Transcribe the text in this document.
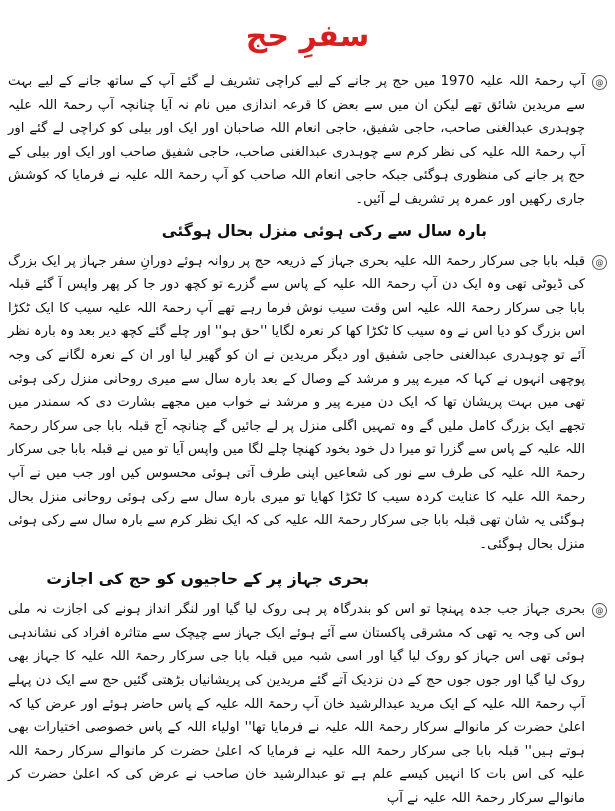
سفرِ حج

@
آپ رحمۃ اللہ علیہ 1970 میں حج پر جانے کے لیے کراچی تشریف لے گئے آپ کے ساتھ جانے کے لیے بہت سے مریدین شائق تھے لیکن ان میں سے بعض کا قرعہ اندازی میں نام نہ آیا چنانچہ آپ رحمۃ اللہ علیہ چوہدری عبدالغنی صاحب، حاجی شفیق، حاجی انعام اللہ صاحبان اور ایک اور بیلی کو کراچی لے گئے اور آپ رحمۃ اللہ علیہ کی نظر کرم سے چوہدری عبدالغنی صاحب، حاجی شفیق صاحب اور ایک اور بیلی کے حج پر جانے کی منظوری ہوگئی جبکہ حاجی انعام اللہ صاحب کو آپ رحمۃ اللہ علیہ نے فرمایا کہ کوشش جاری رکھیں اور عمرہ پر تشریف لے آئیں۔

بارہ سال سے رکی ہوئی منزل بحال ہوگئی

@
قبلہ بابا جی سرکار رحمۃ اللہ علیہ بحری جہاز کے ذریعہ حج پر روانہ ہوئے دورانِ سفر جہاز پر ایک بزرگ کی ڈیوٹی تھی وہ ایک دن آپ رحمۃ اللہ علیہ کے پاس سے گزرے تو کچھ دور جا کر پھر واپس آ گئے قبلہ بابا جی سرکار رحمۃ اللہ علیہ اس وقت سیب نوش فرما رہے تھے آپ رحمۃ اللہ علیہ سیب کا ایک ٹکڑا اس بزرگ کو دیا اس نے وہ سیب کا ٹکڑا کھا کر نعرہ لگایا ''حق ہو'' اور چلے گئے کچھ دیر بعد وہ بارہ نظر آئے تو چوہدری عبدالغنی حاجی شفیق اور دیگر مریدین نے ان کو گھیر لیا اور ان کے نعرہ لگانے کی وجہ پوچھی انہوں نے کہا کہ میرے پیر و مرشد کے وصال کے بعد بارہ سال سے میری روحانی منزل رکی ہوئی تھی میں بہت پریشان تھا کہ ایک دن میرے پیر و مرشد نے خواب میں مجھے بشارت دی کہ سمندر میں تجھے ایک بزرگ کامل ملیں گے وہ تمہیں اگلی منزل پر لے جائیں گے چنانچہ آج قبلہ بابا جی سرکار رحمۃ اللہ علیہ کے پاس سے گزرا تو میرا دل خود بخود کھنچا چلے لگا میں واپس آیا تو میں نے قبلہ بابا جی سرکار رحمۃ اللہ علیہ کی طرف سے نور کی شعاعیں اپنی طرف آتی ہوئی محسوس کیں اور جب میں نے آپ رحمۃ اللہ علیہ کا عنایت کردہ سیب کا ٹکڑا کھایا تو میری بارہ سال سے رکی ہوئی روحانی منزل بحال ہوگئی یہ شان تھی قبلہ بابا جی سرکار رحمۃ اللہ علیہ کی کہ ایک نظر کرم سے بارہ سال سے رکی ہوئی منزل بحال ہوگئی۔

بحری جہاز پر کے حاجیوں کو حج کی اجازت

@
بحری جہاز جب جدہ پہنچا تو اس کو بندرگاہ پر ہی روک لیا گیا اور لنگر انداز ہونے کی اجازت نہ ملی اس کی وجہ یہ تھی کہ مشرقی پاکستان سے آئے ہوئے ایک جہاز سے چیچک سے متاثرہ افراد کی نشاندہی ہوئی تھی اس جہاز کو روک لیا گیا اور اسی شبہ میں قبلہ بابا جی سرکار رحمۃ اللہ علیہ کا جہاز بھی روک لیا گیا اور جوں جوں حج کے دن نزدیک آتے گئے مریدین کی پریشانیاں بڑھتی گئیں حج سے ایک دن پہلے آپ رحمۃ اللہ علیہ کے ایک مرید عبدالرشید خان آپ رحمۃ اللہ علیہ کے پاس حاضر ہوئے اور عرض کیا کہ اعلیٰ حضرت کر مانوالے سرکار رحمۃ اللہ علیہ نے فرمایا تھا'' اولیاء اللہ کے پاس خصوصی اختیارات بھی ہوتے ہیں'' قبلہ بابا جی سرکار رحمۃ اللہ علیہ نے فرمایا کہ اعلیٰ حضرت کر مانوالے سرکار رحمۃ اللہ علیہ کی اس بات کا انہیں کیسے علم ہے تو عبدالرشید خان صاحب نے عرض کی کہ اعلیٰ حضرت کر مانوالے سرکار رحمۃ اللہ علیہ نے آپ
